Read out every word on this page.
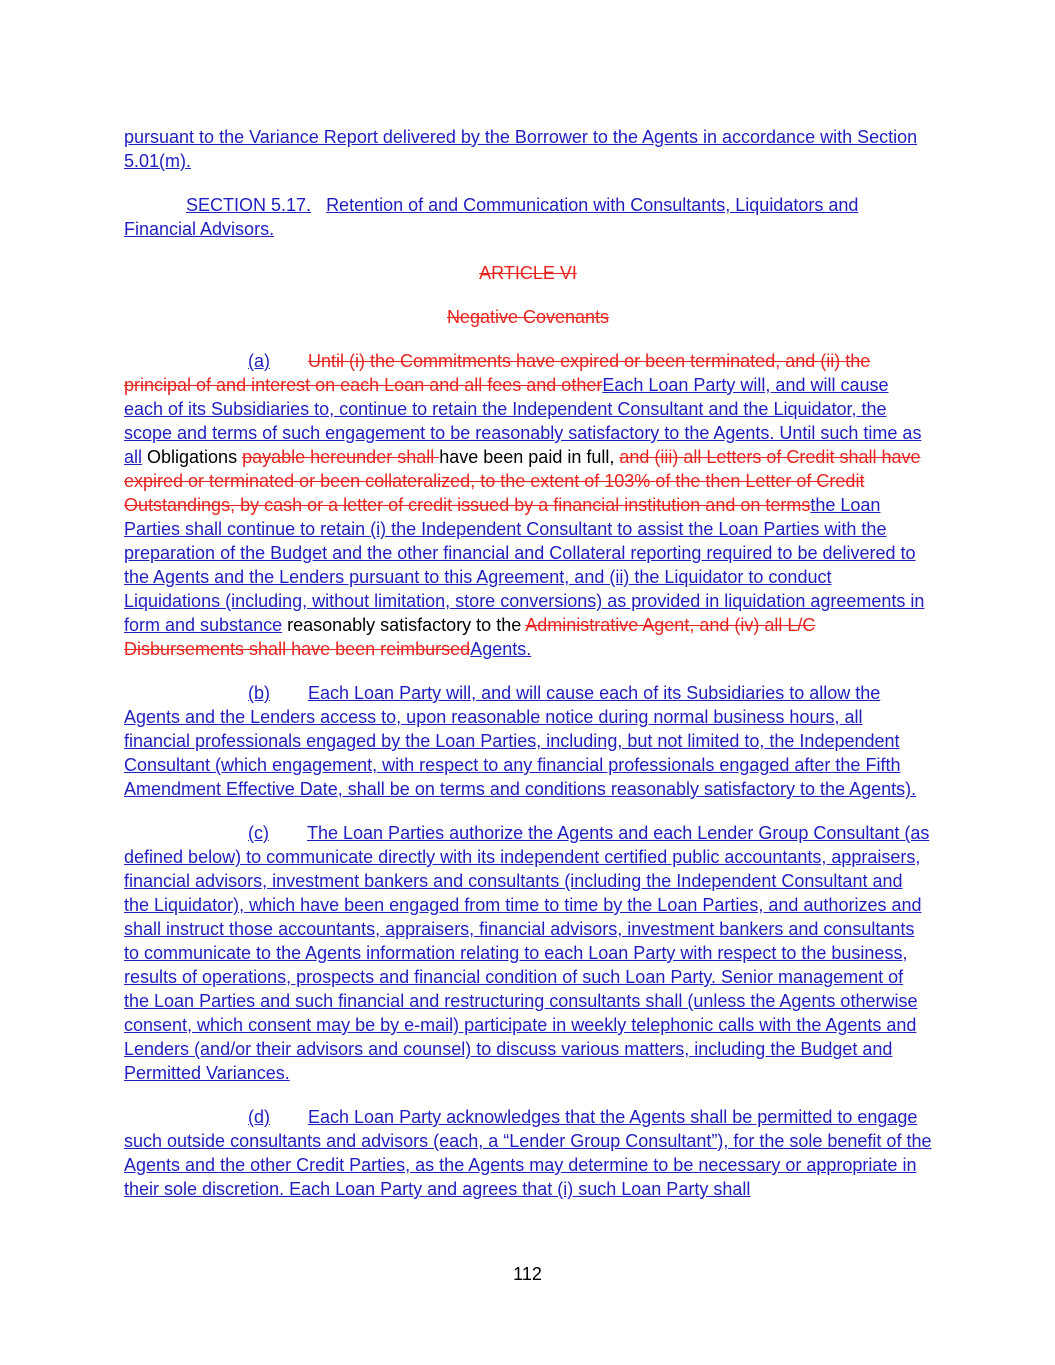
pursuant to the Variance Report delivered by the Borrower to the Agents in accordance with Section 5.01(m).

SECTION 5.17. Retention of and Communication with Consultants, Liquidators and Financial Advisors.

ARTICLE VI

Negative Covenants

(a) Until (i) the Commitments have expired or been terminated, and (ii) the principal of and interest on each Loan and all fees and otherEach Loan Party will, and will cause each of its Subsidiaries to, continue to retain the Independent Consultant and the Liquidator, the scope and terms of such engagement to be reasonably satisfactory to the Agents. Until such time as all Obligations payable hereunder shall have been paid in full, and (iii) all Letters of Credit shall have expired or terminated or been collateralized, to the extent of 103% of the then Letter of Credit Outstandings, by cash or a letter of credit issued by a financial institution and on termsthe Loan Parties shall continue to retain (i) the Independent Consultant to assist the Loan Parties with the preparation of the Budget and the other financial and Collateral reporting required to be delivered to the Agents and the Lenders pursuant to this Agreement, and (ii) the Liquidator to conduct Liquidations (including, without limitation, store conversions) as provided in liquidation agreements in form and substance reasonably satisfactory to the Administrative Agent, and (iv) all L/C Disbursements shall have been reimbursedAgents.

(b) Each Loan Party will, and will cause each of its Subsidiaries to allow the Agents and the Lenders access to, upon reasonable notice during normal business hours, all financial professionals engaged by the Loan Parties, including, but not limited to, the Independent Consultant (which engagement, with respect to any financial professionals engaged after the Fifth Amendment Effective Date, shall be on terms and conditions reasonably satisfactory to the Agents).

(c) The Loan Parties authorize the Agents and each Lender Group Consultant (as defined below) to communicate directly with its independent certified public accountants, appraisers, financial advisors, investment bankers and consultants (including the Independent Consultant and the Liquidator), which have been engaged from time to time by the Loan Parties, and authorizes and shall instruct those accountants, appraisers, financial advisors, investment bankers and consultants to communicate to the Agents information relating to each Loan Party with respect to the business, results of operations, prospects and financial condition of such Loan Party. Senior management of the Loan Parties and such financial and restructuring consultants shall (unless the Agents otherwise consent, which consent may be by e-mail) participate in weekly telephonic calls with the Agents and Lenders (and/or their advisors and counsel) to discuss various matters, including the Budget and Permitted Variances.

(d) Each Loan Party acknowledges that the Agents shall be permitted to engage such outside consultants and advisors (each, a “Lender Group Consultant”), for the sole benefit of the Agents and the other Credit Parties, as the Agents may determine to be necessary or appropriate in their sole discretion. Each Loan Party and agrees that (i) such Loan Party shall

112
